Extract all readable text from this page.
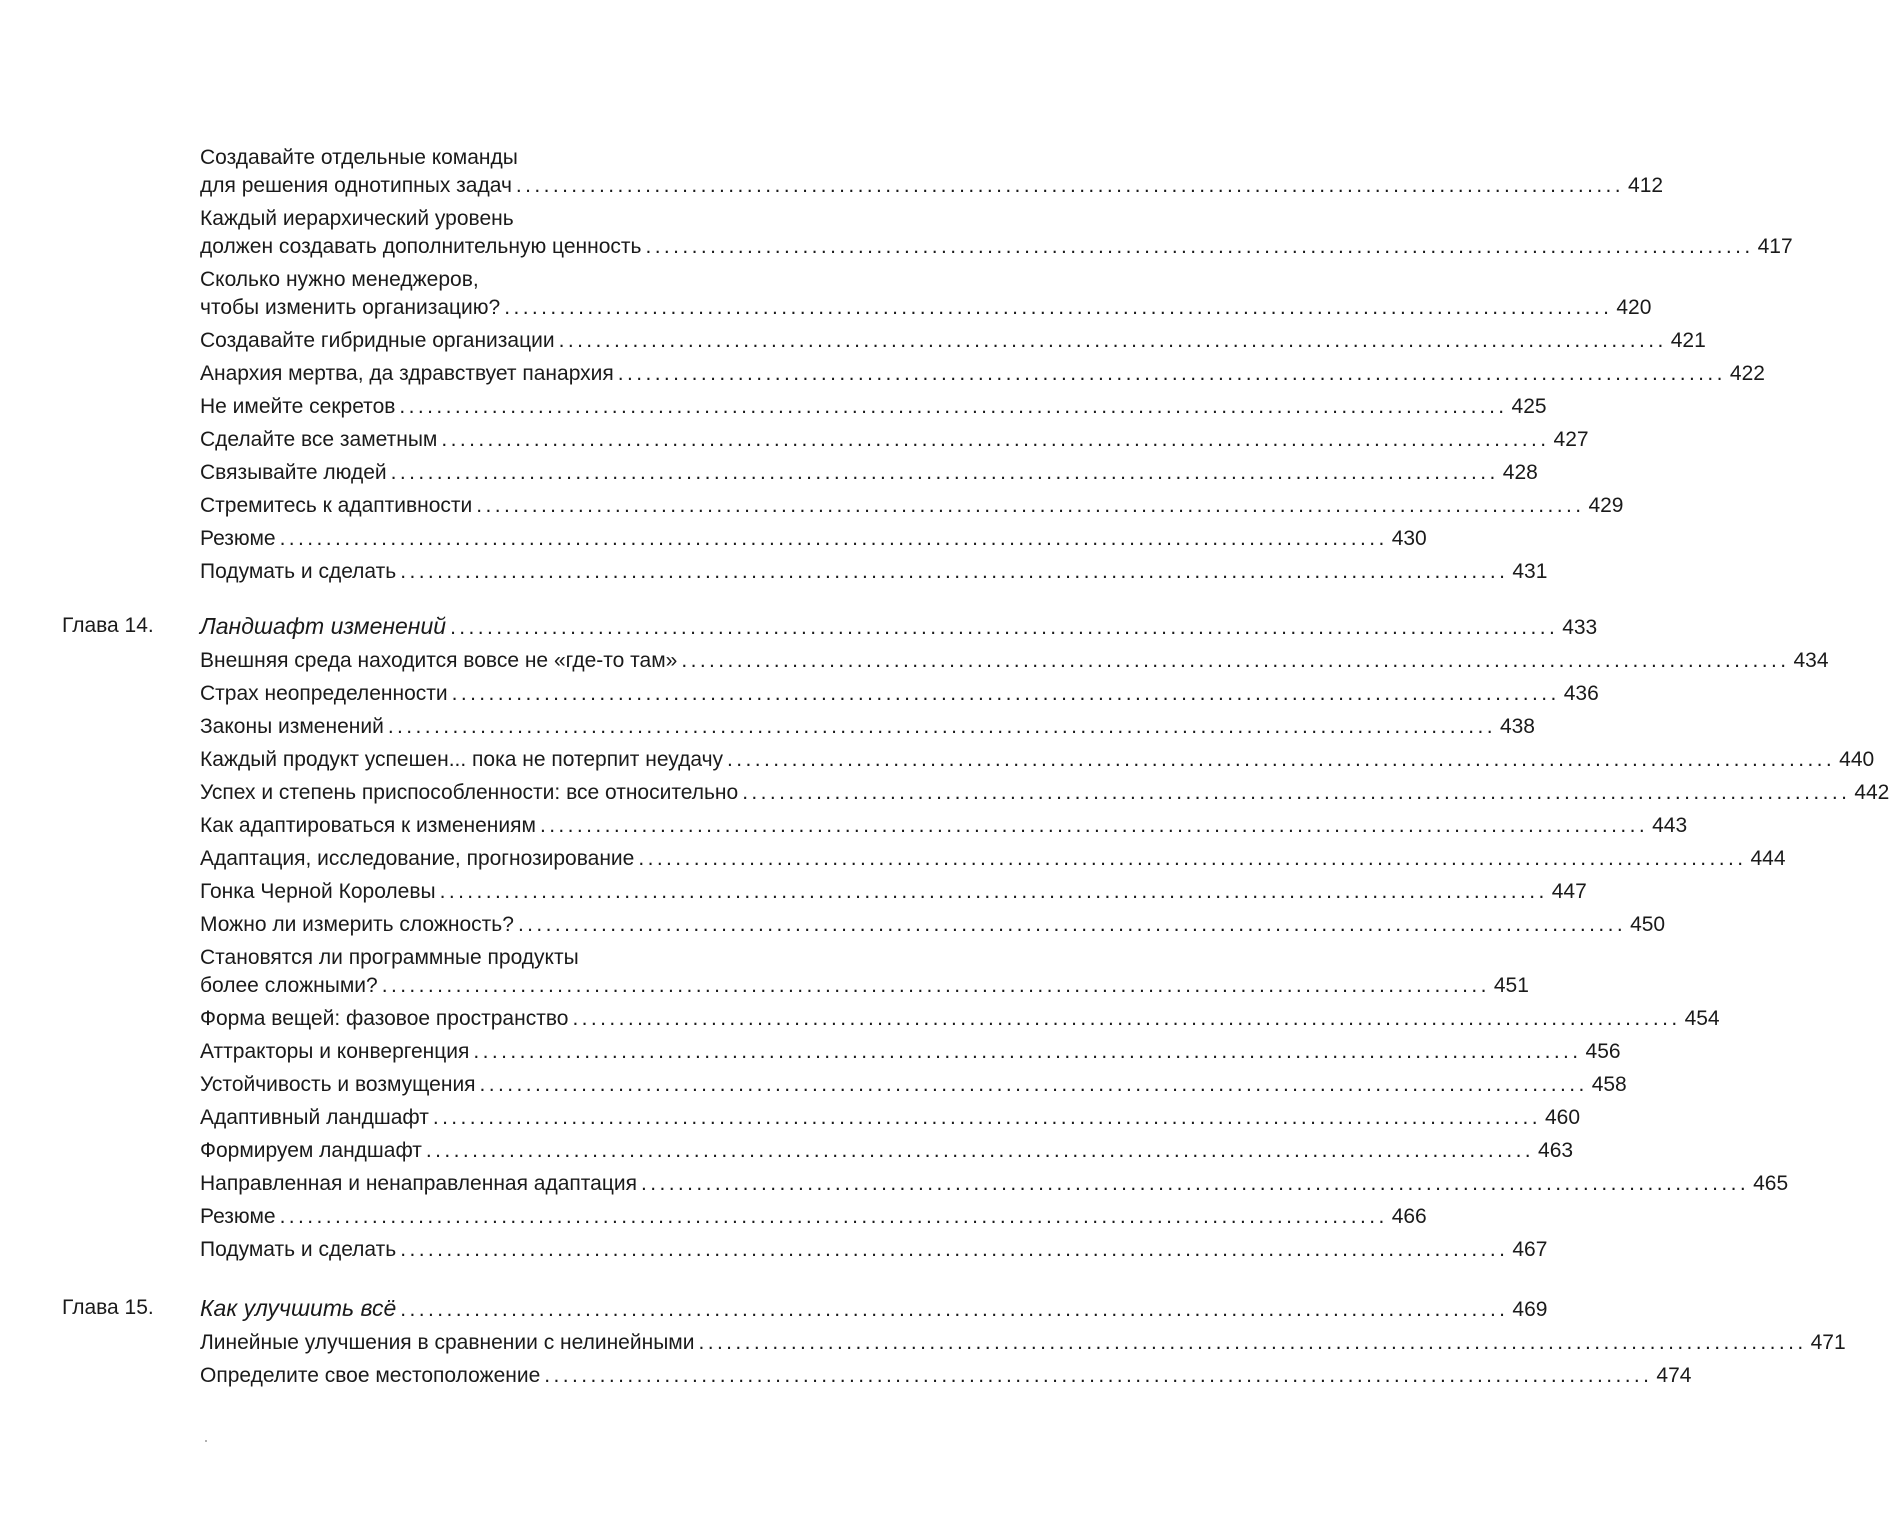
Создавайте отдельные команды
для решения однотипных задач ........................................................................................................................ 412
Каждый иерархический уровень
должен создавать дополнительную ценность ........................................................................................................................ 417
Сколько нужно менеджеров,
чтобы изменить организацию? ........................................................................................................................ 420
Создавайте гибридные организации ........................................................................................................................ 421
Анархия мертва, да здравствует панархия ........................................................................................................................ 422
Не имейте секретов ........................................................................................................................ 425
Сделайте все заметным ........................................................................................................................ 427
Связывайте людей ........................................................................................................................ 428
Стремитесь к адаптивности ........................................................................................................................ 429
Резюме ........................................................................................................................ 430
Подумать и сделать ........................................................................................................................ 431
Глава 14. Ландшафт изменений ........................................................................................................................ 433
Внешняя среда находится вовсе не «где-то там» ........................................................................................................................ 434
Страх неопределенности ........................................................................................................................ 436
Законы изменений ........................................................................................................................ 438
Каждый продукт успешен... пока не потерпит неудачу ........................................................................................................................ 440
Успех и степень приспособленности: все относительно ........................................................................................................................ 442
Как адаптироваться к изменениям ........................................................................................................................ 443
Адаптация, исследование, прогнозирование ........................................................................................................................ 444
Гонка Черной Королевы ........................................................................................................................ 447
Можно ли измерить сложность? ........................................................................................................................ 450
Становятся ли программные продукты
более сложными? ........................................................................................................................ 451
Форма вещей: фазовое пространство ........................................................................................................................ 454
Аттракторы и конвергенция ........................................................................................................................ 456
Устойчивость и возмущения ........................................................................................................................ 458
Адаптивный ландшафт ........................................................................................................................ 460
Формируем ландшафт ........................................................................................................................ 463
Направленная и ненаправленная адаптация ........................................................................................................................ 465
Резюме ........................................................................................................................ 466
Подумать и сделать ........................................................................................................................ 467
Глава 15. Как улучшить всё ........................................................................................................................ 469
Линейные улучшения в сравнении с нелинейными ........................................................................................................................ 471
Определите свое местоположение ........................................................................................................................ 474
